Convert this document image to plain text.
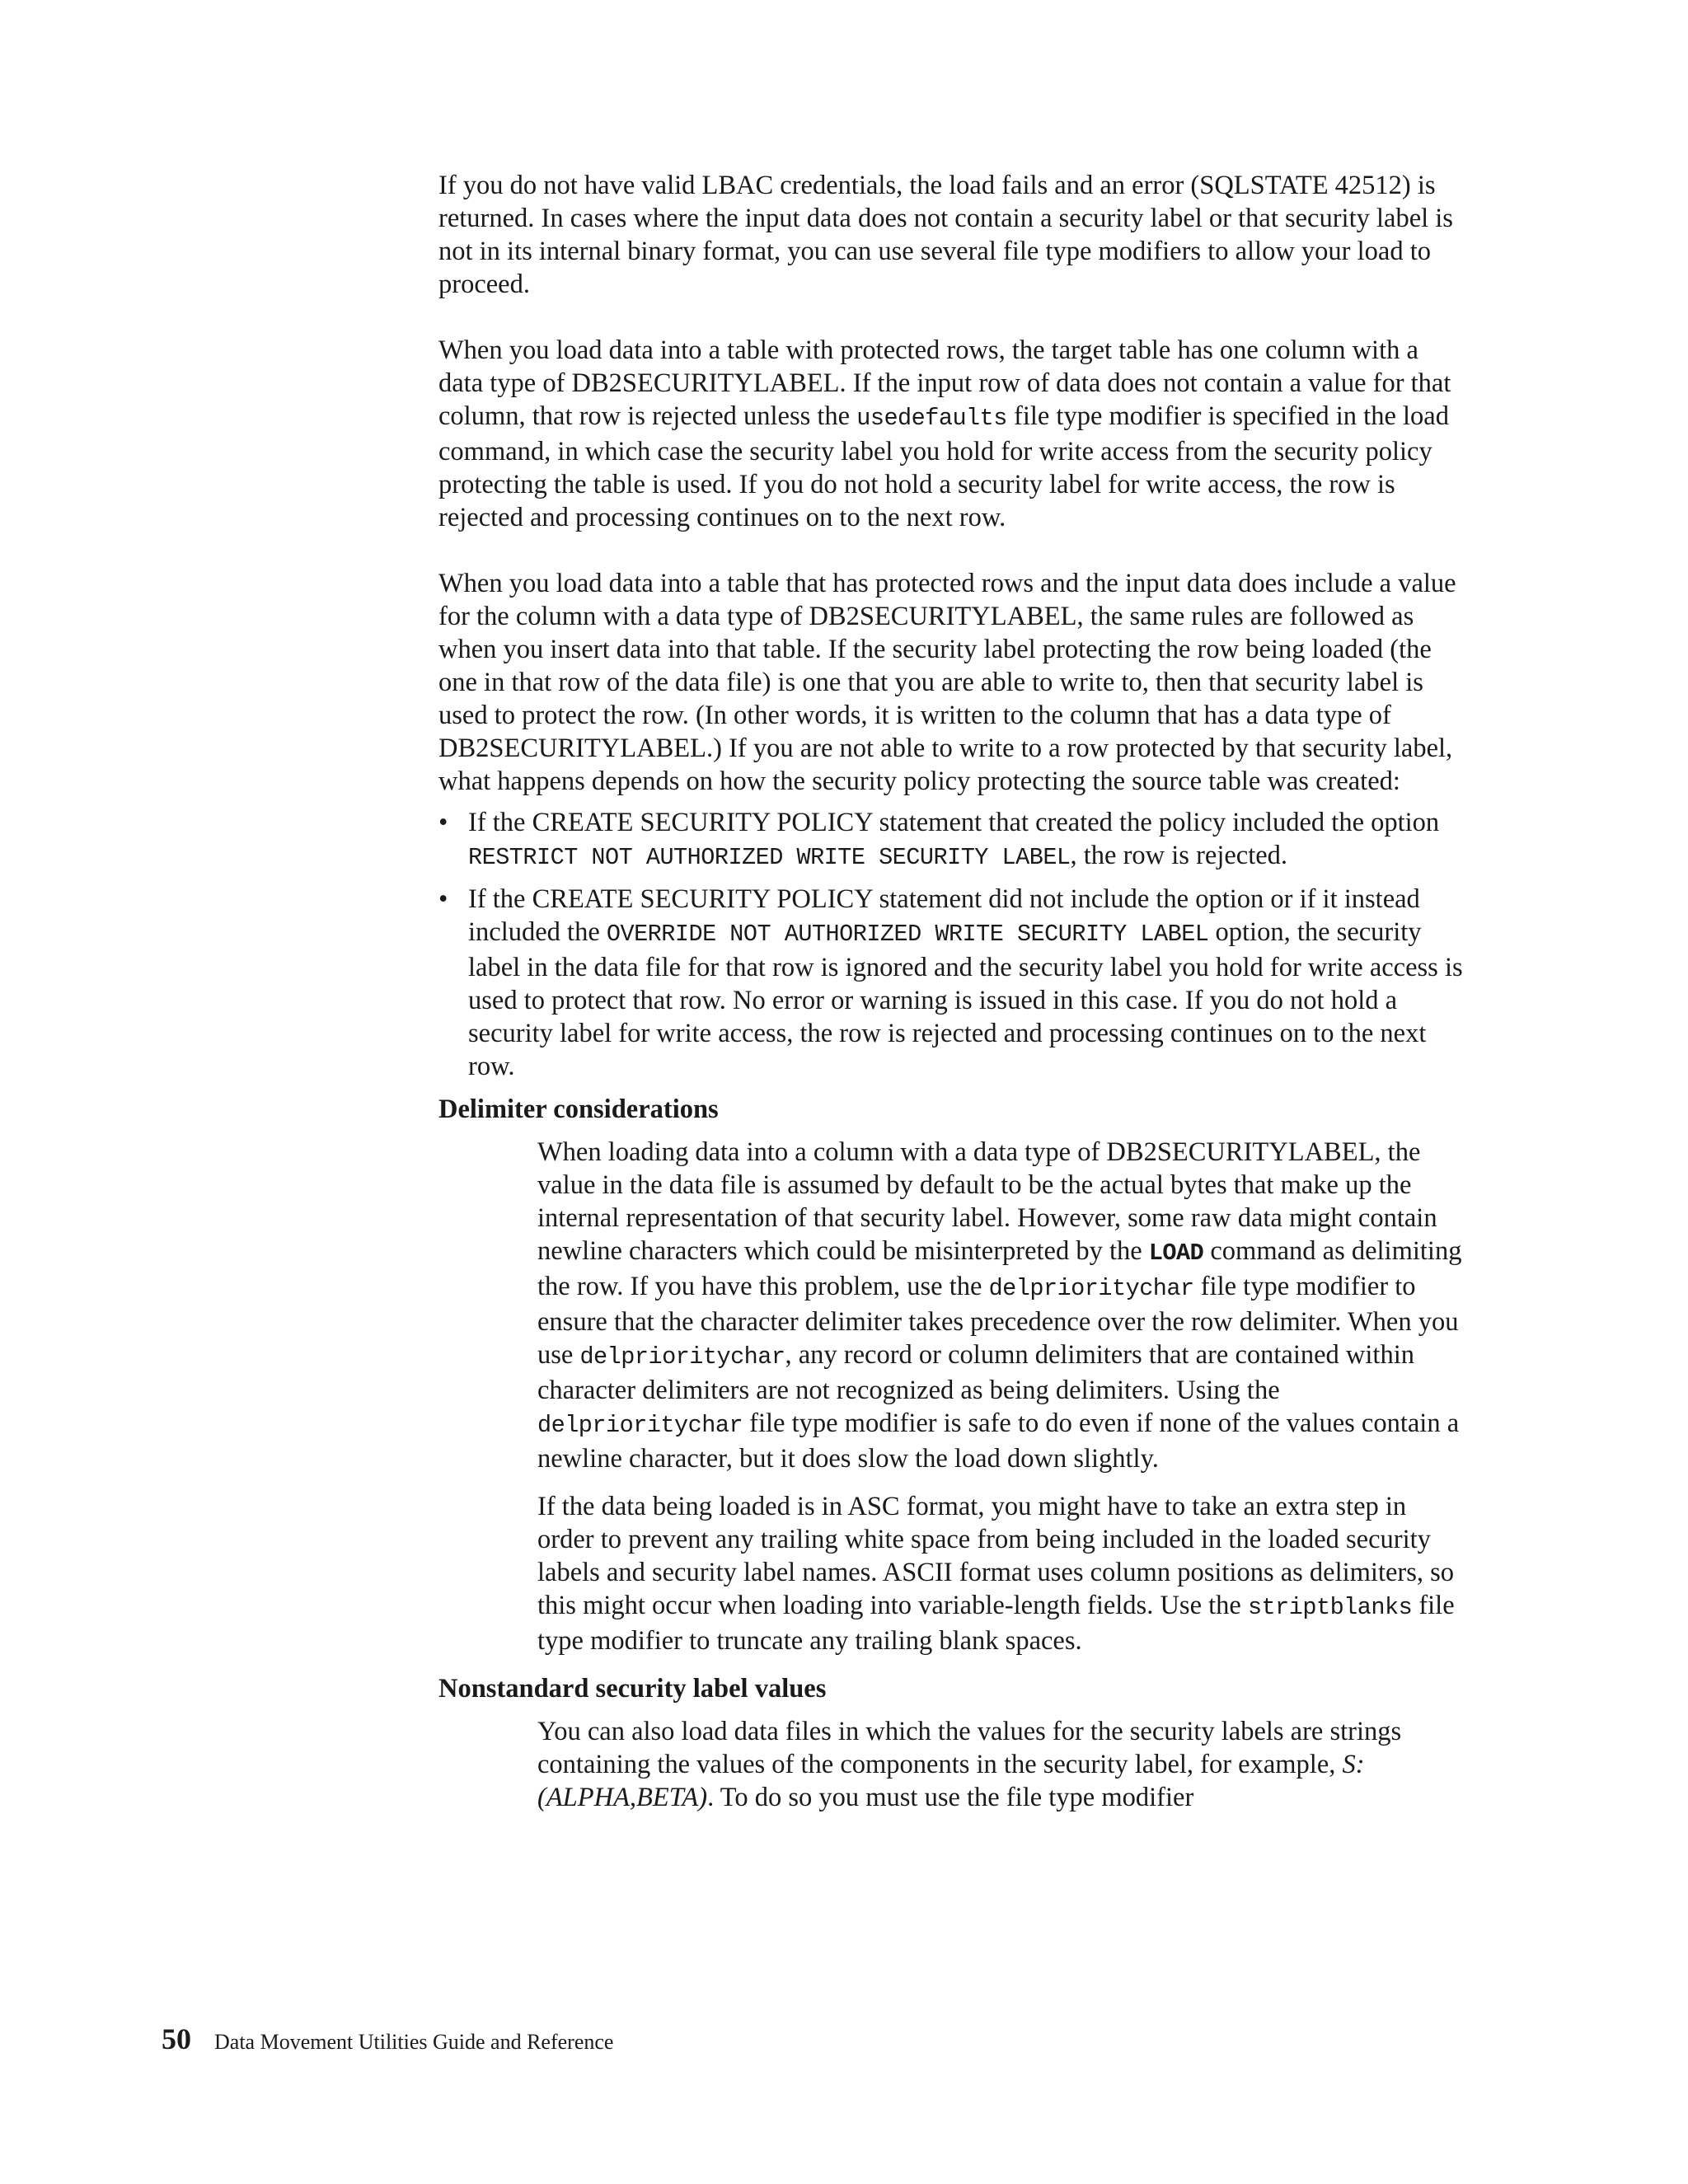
If you do not have valid LBAC credentials, the load fails and an error (SQLSTATE 42512) is returned. In cases where the input data does not contain a security label or that security label is not in its internal binary format, you can use several file type modifiers to allow your load to proceed.

When you load data into a table with protected rows, the target table has one column with a data type of DB2SECURITYLABEL. If the input row of data does not contain a value for that column, that row is rejected unless the usedefaults file type modifier is specified in the load command, in which case the security label you hold for write access from the security policy protecting the table is used. If you do not hold a security label for write access, the row is rejected and processing continues on to the next row.

When you load data into a table that has protected rows and the input data does include a value for the column with a data type of DB2SECURITYLABEL, the same rules are followed as when you insert data into that table. If the security label protecting the row being loaded (the one in that row of the data file) is one that you are able to write to, then that security label is used to protect the row. (In other words, it is written to the column that has a data type of DB2SECURITYLABEL.) If you are not able to write to a row protected by that security label, what happens depends on how the security policy protecting the source table was created:

• If the CREATE SECURITY POLICY statement that created the policy included the option RESTRICT NOT AUTHORIZED WRITE SECURITY LABEL, the row is rejected.
• If the CREATE SECURITY POLICY statement did not include the option or if it instead included the OVERRIDE NOT AUTHORIZED WRITE SECURITY LABEL option, the security label in the data file for that row is ignored and the security label you hold for write access is used to protect that row. No error or warning is issued in this case. If you do not hold a security label for write access, the row is rejected and processing continues on to the next row.

Delimiter considerations

When loading data into a column with a data type of DB2SECURITYLABEL, the value in the data file is assumed by default to be the actual bytes that make up the internal representation of that security label. However, some raw data might contain newline characters which could be misinterpreted by the LOAD command as delimiting the row. If you have this problem, use the delprioritychar file type modifier to ensure that the character delimiter takes precedence over the row delimiter. When you use delprioritychar, any record or column delimiters that are contained within character delimiters are not recognized as being delimiters. Using the delprioritychar file type modifier is safe to do even if none of the values contain a newline character, but it does slow the load down slightly.

If the data being loaded is in ASC format, you might have to take an extra step in order to prevent any trailing white space from being included in the loaded security labels and security label names. ASCII format uses column positions as delimiters, so this might occur when loading into variable-length fields. Use the striptblanks file type modifier to truncate any trailing blank spaces.

Nonstandard security label values

You can also load data files in which the values for the security labels are strings containing the values of the components in the security label, for example, S:(ALPHA,BETA). To do so you must use the file type modifier

50 Data Movement Utilities Guide and Reference
